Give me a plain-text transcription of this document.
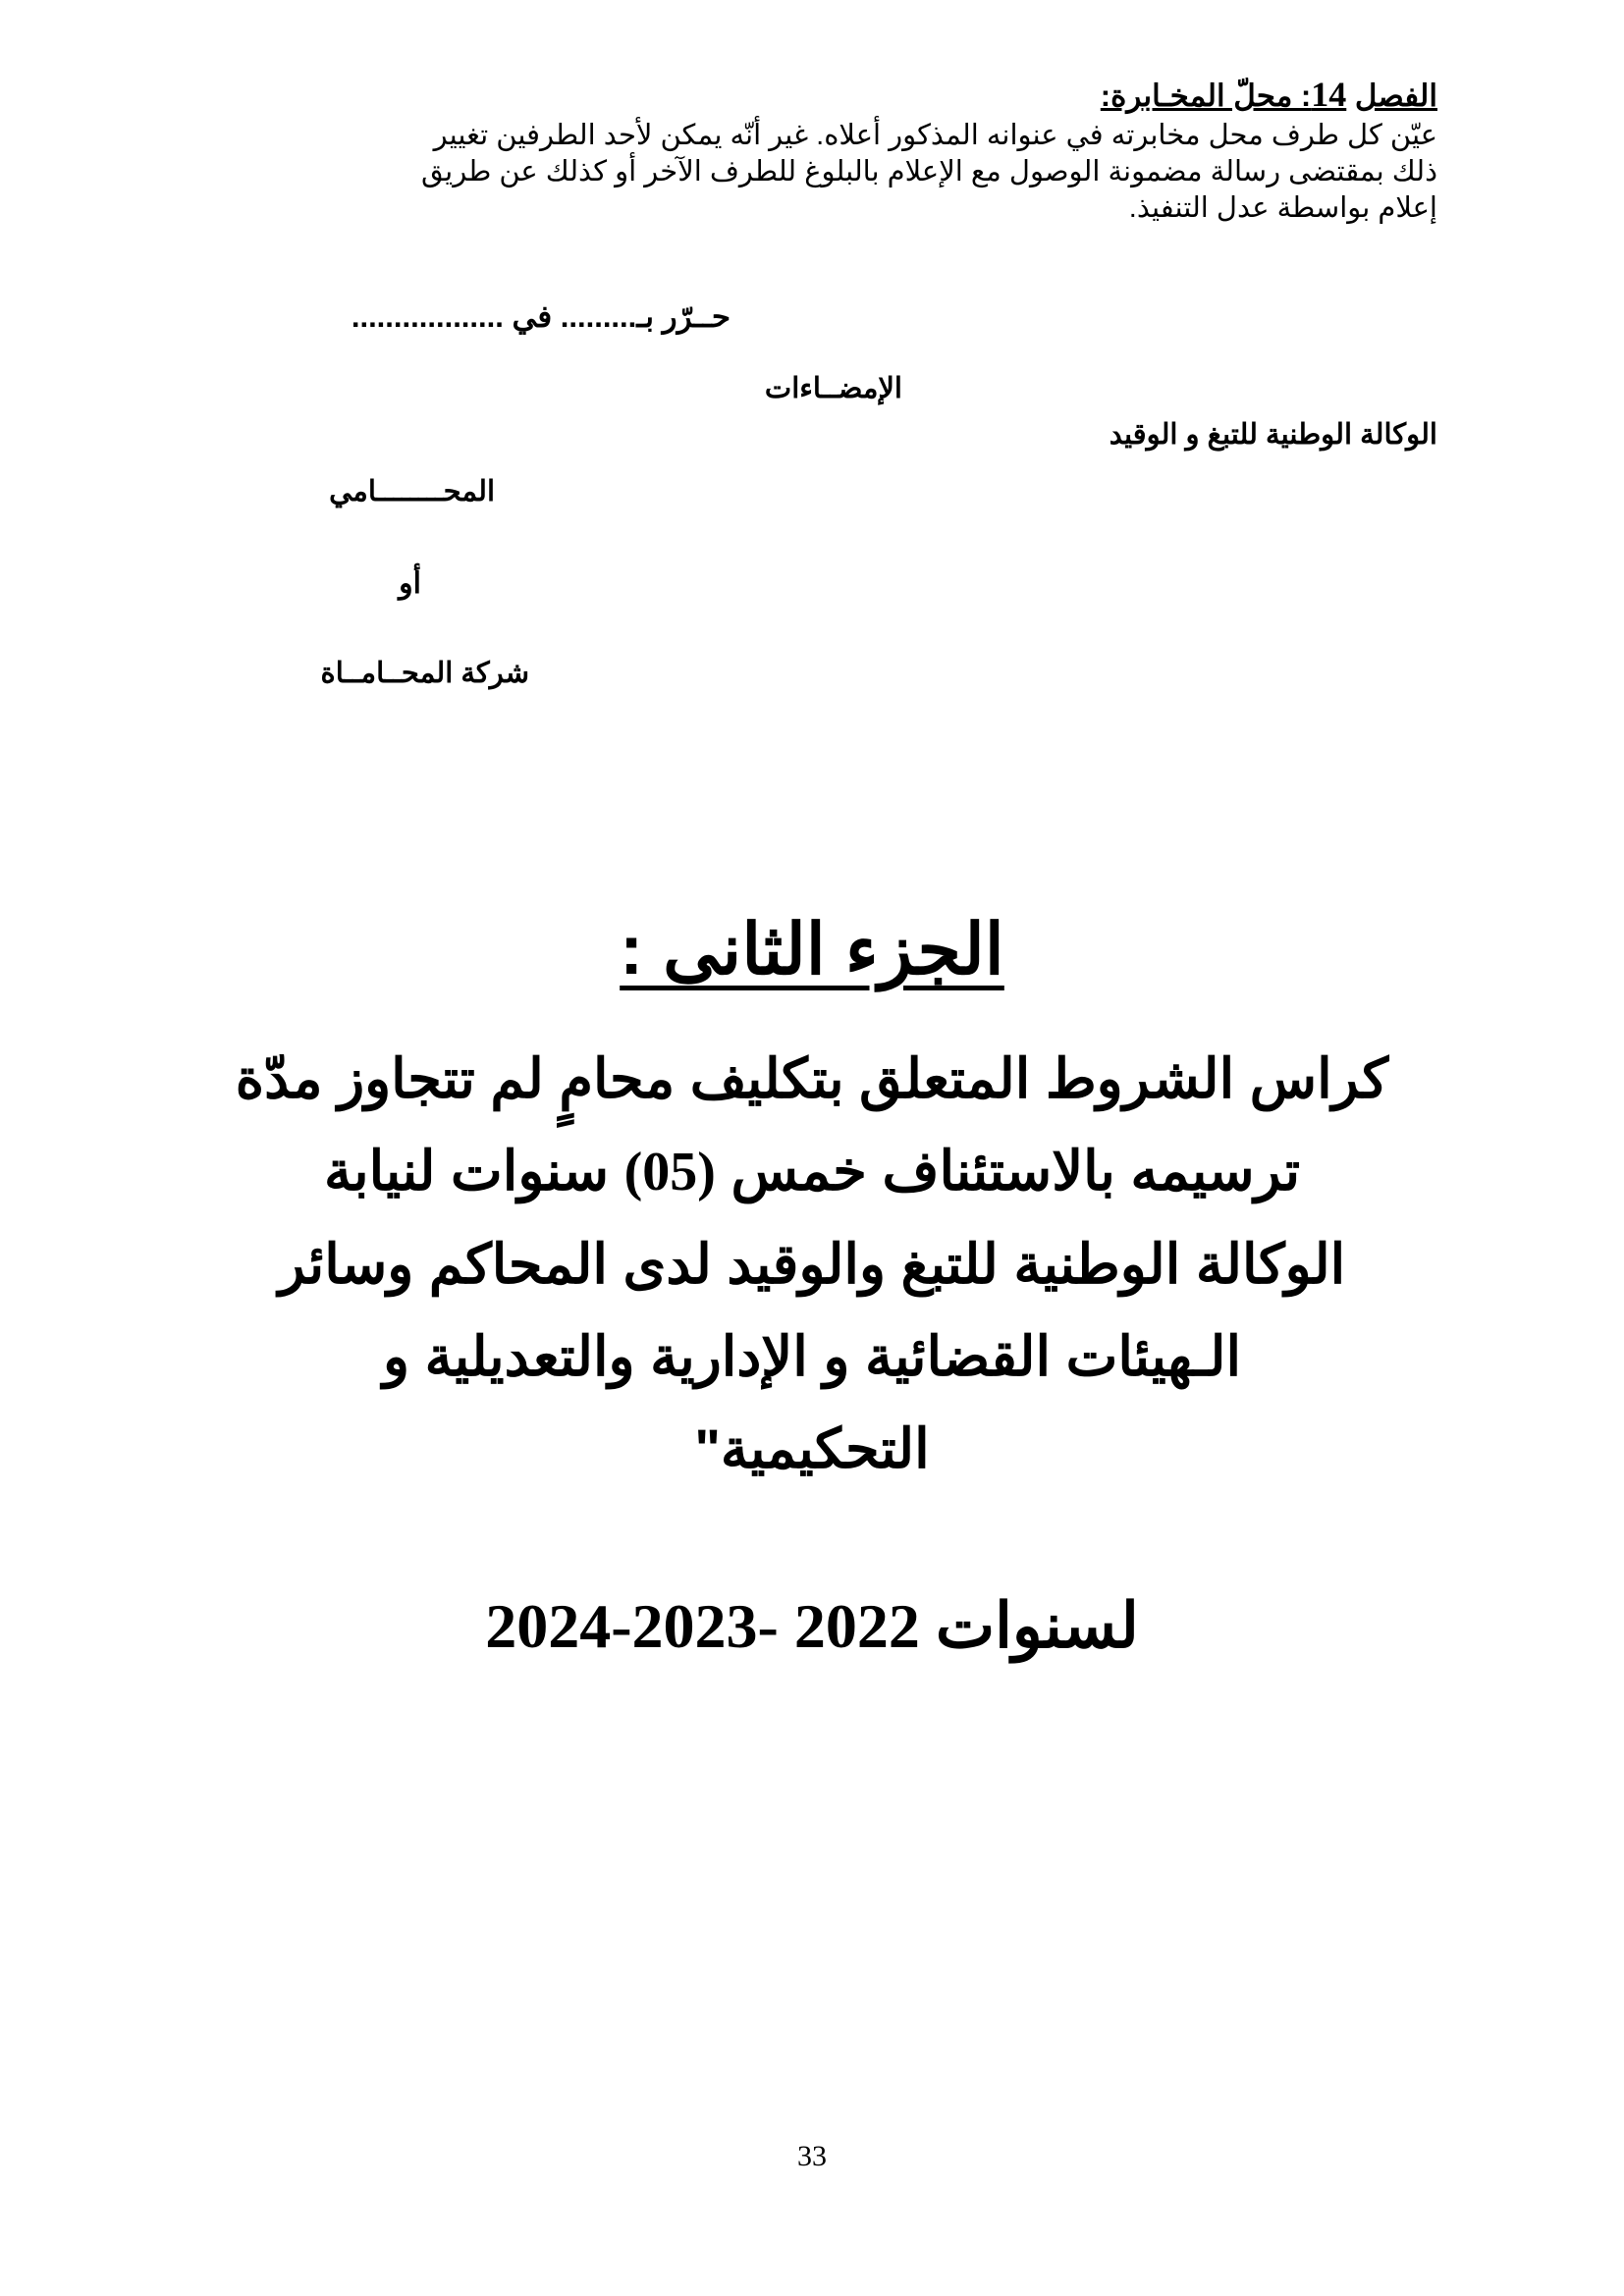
الفصل 14: محلّ المخـابرة:

عيّن كل طرف محل مخابرته في عنوانه المذكور أعلاه. غير أنّه يمكن لأحد الطرفين تغيير
ذلك بمقتضى رسالة مضمونة الوصول مع الإعلام بالبلوغ للطرف الآخر أو كذلك عن طريق
إعلام بواسطة عدل التنفيذ.

حــرّر بـ......... في ..................
الإمضــاءات
الوكالة الوطنية للتبغ و الوقيد
المحــــــــامي
أو
شركة المحــامــاة
الجزء الثانى :
كراس الشروط المتعلق بتكليف محامٍ لم تتجاوز مدّة
ترسيمه بالاستئناف خمس (05) سنوات لنيابة
الوكالة الوطنية للتبغ والوقيد لدى المحاكم وسائر
الـهيئات القضائية و الإدارية والتعديلية و
التحكيمية"
لسنوات 2022 -2023-2024
33
